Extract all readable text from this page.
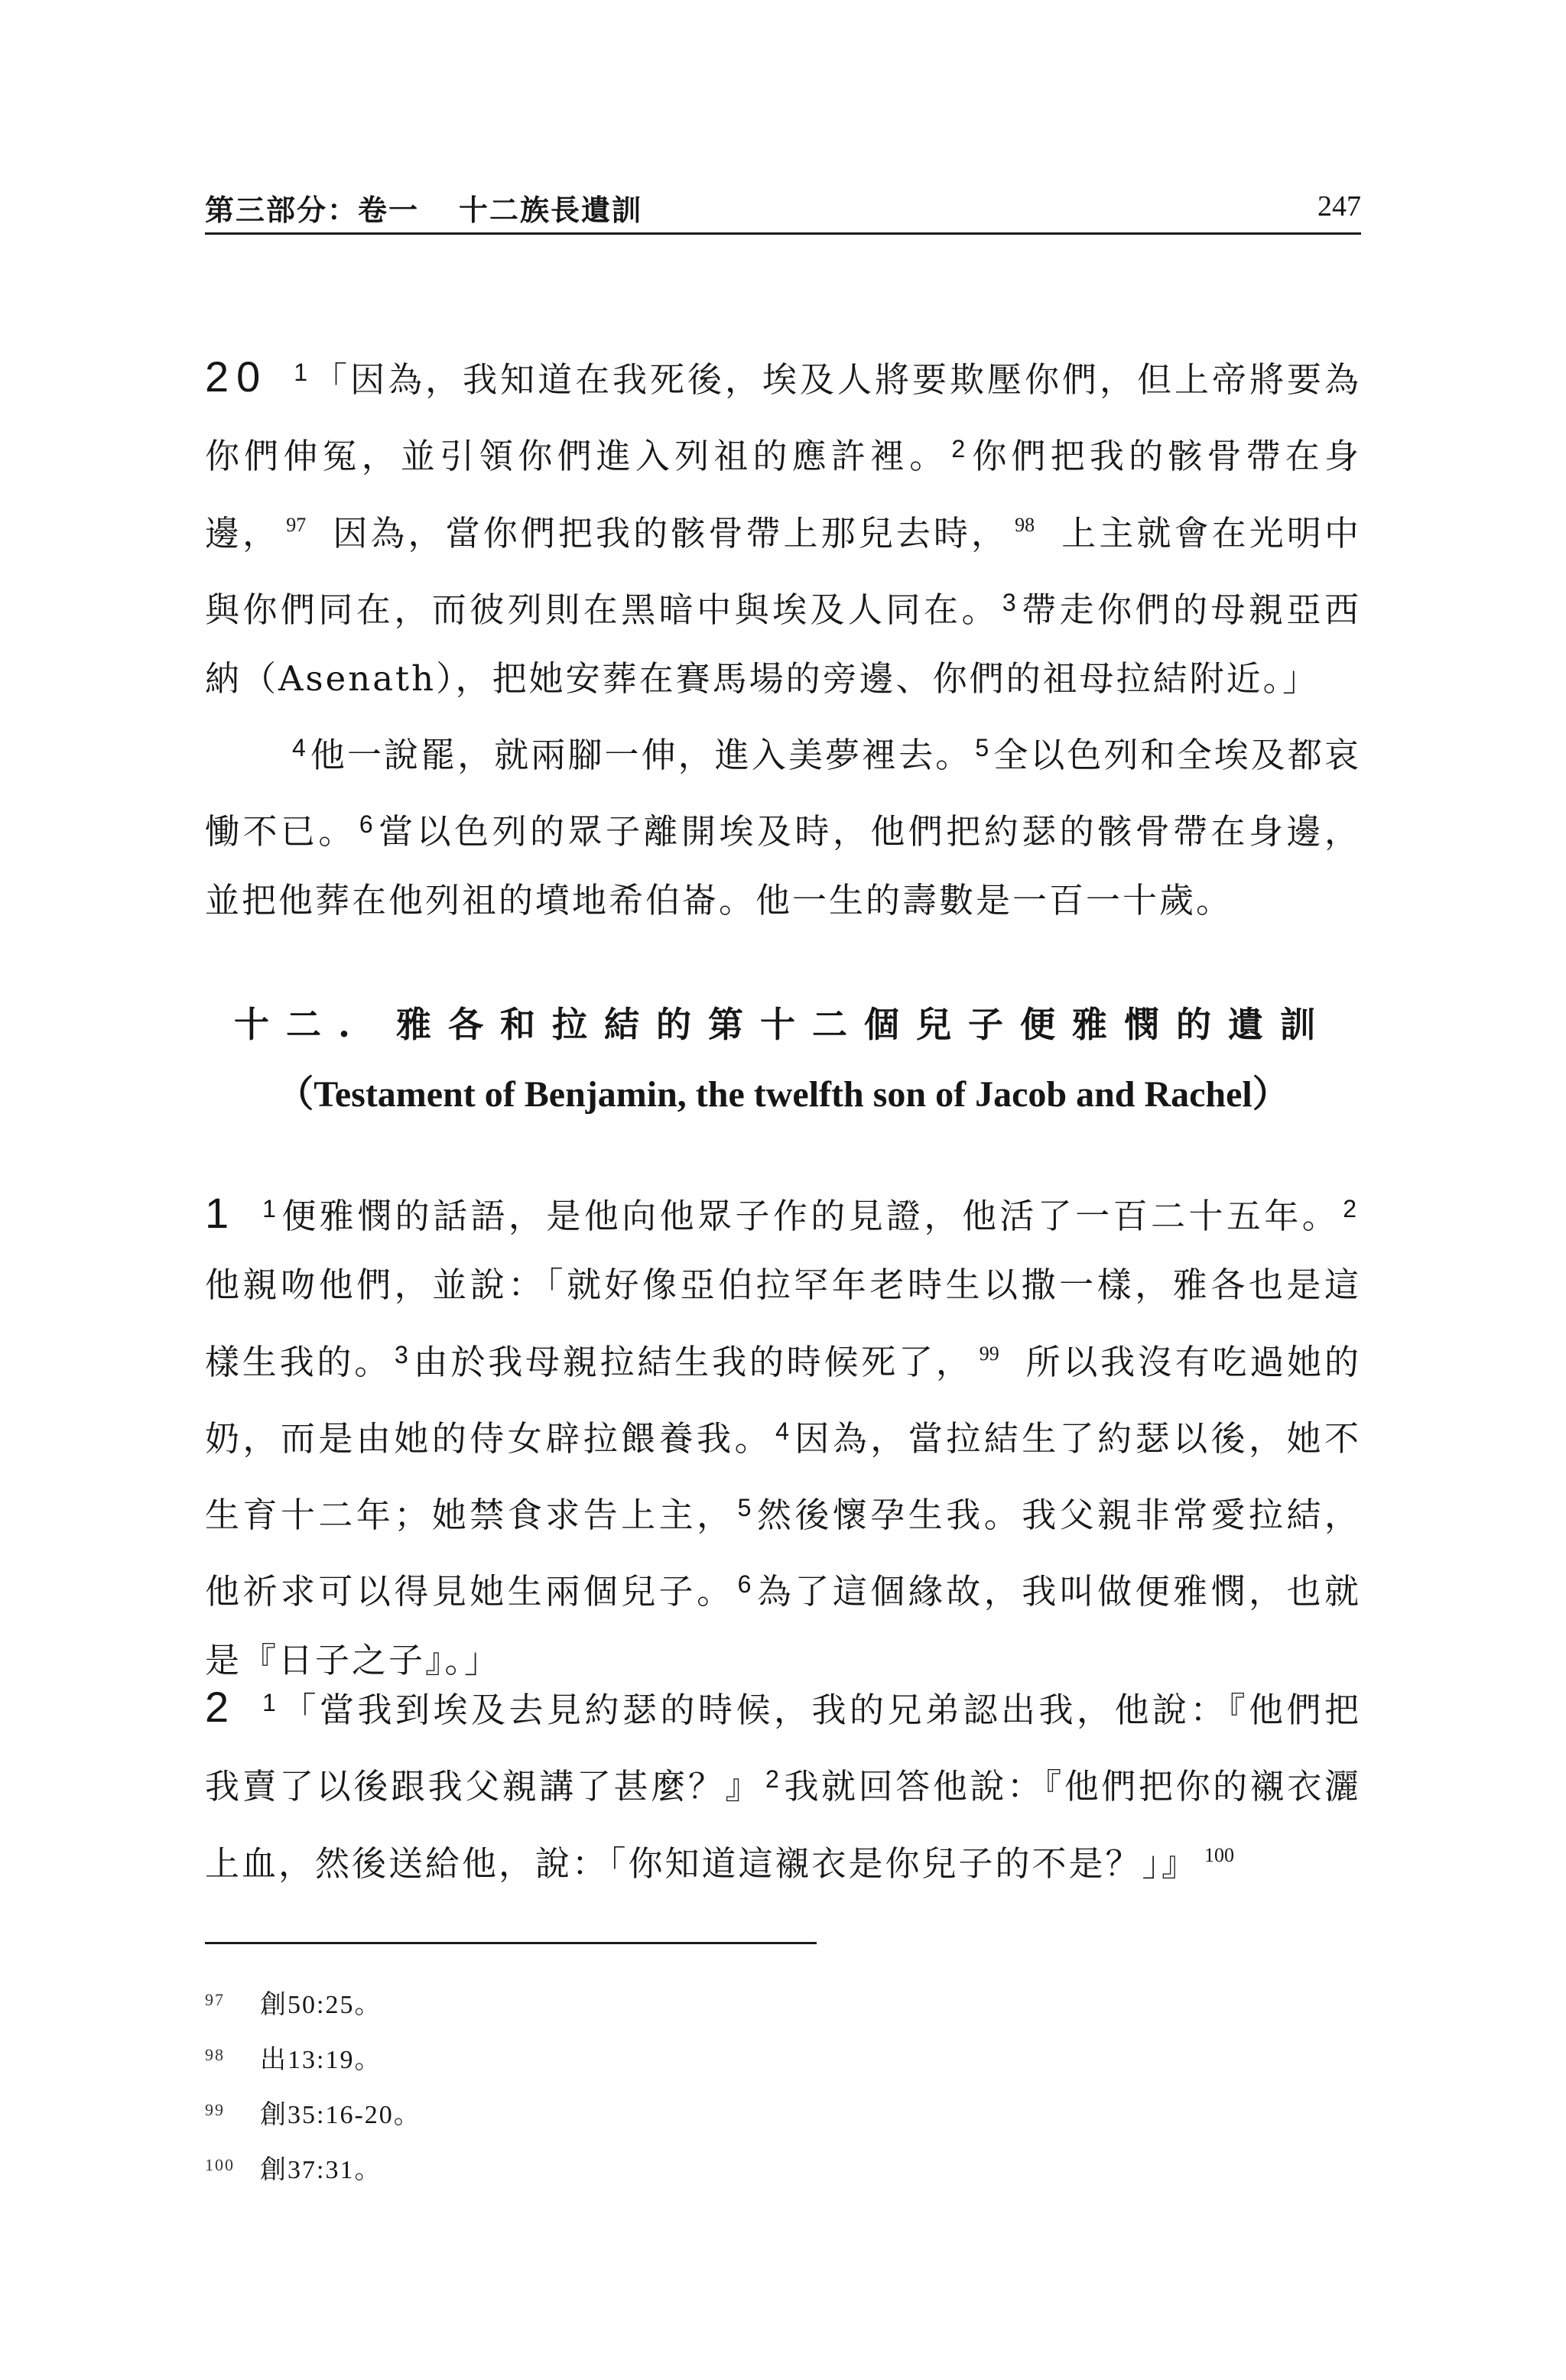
第三部分：卷一 十二族長遺訓	247

20 $^1$ 「因為，我知道在我死後，埃及人將要欺壓你們，但上帝將要為你們伸冤，並引領你們進入列祖的應許裡。 $^2$ 你們把我的骸骨帶在身邊， $^{97}$ 因為，當你們把我的骸骨帶上那兒去時， $^{98}$ 上主就會在光明中與你們同在，而彼列則在黑暗中與埃及人同在。 $^3$ 帶走你們的母親亞西納（Asenath），把她安葬在賽馬場的旁邊、你們的祖母拉結附近。」

$^4$ 他一說罷，就兩腳一伸，進入美夢裡去。 $^5$ 全以色列和全埃及都哀慟不已。 $^6$ 當以色列的眾子離開埃及時，他們把約瑟的骸骨帶在身邊，並把他葬在他列祖的墳地希伯崙。他一生的壽數是一百一十歲。

十二. 雅各和拉結的第十二個兒子便雅憫的遺訓
（Testament of Benjamin, the twelfth son of Jacob and Rachel）

1 $^1$ 便雅憫的話語，是他向他眾子作的見證，他活了一百二十五年。 $^2$他親吻他們，並說：「就好像亞伯拉罕年老時生以撒一樣，雅各也是這樣生我的。 $^3$ 由於我母親拉結生我的時候死了， $^{99}$ 所以我沒有吃過她的奶，而是由她的侍女辟拉餵養我。 $^4$ 因為，當拉結生了約瑟以後，她不生育十二年；她禁食求告上主， $^5$ 然後懷孕生我。我父親非常愛拉結，他祈求可以得見她生兩個兒子。 $^6$ 為了這個緣故，我叫做便雅憫，也就是『日子之子』。」

2 $^1$ 「當我到埃及去見約瑟的時候，我的兄弟認出我，他說：『他們把我賣了以後跟我父親講了甚麼？』 $^2$ 我就回答他說：『他們把你的襯衣灑上血，然後送給他，說：「你知道這襯衣是你兒子的不是？」』 $^{100}$

97 創50:25。
98 出13:19。
99 創35:16-20。
100 創37:31。
